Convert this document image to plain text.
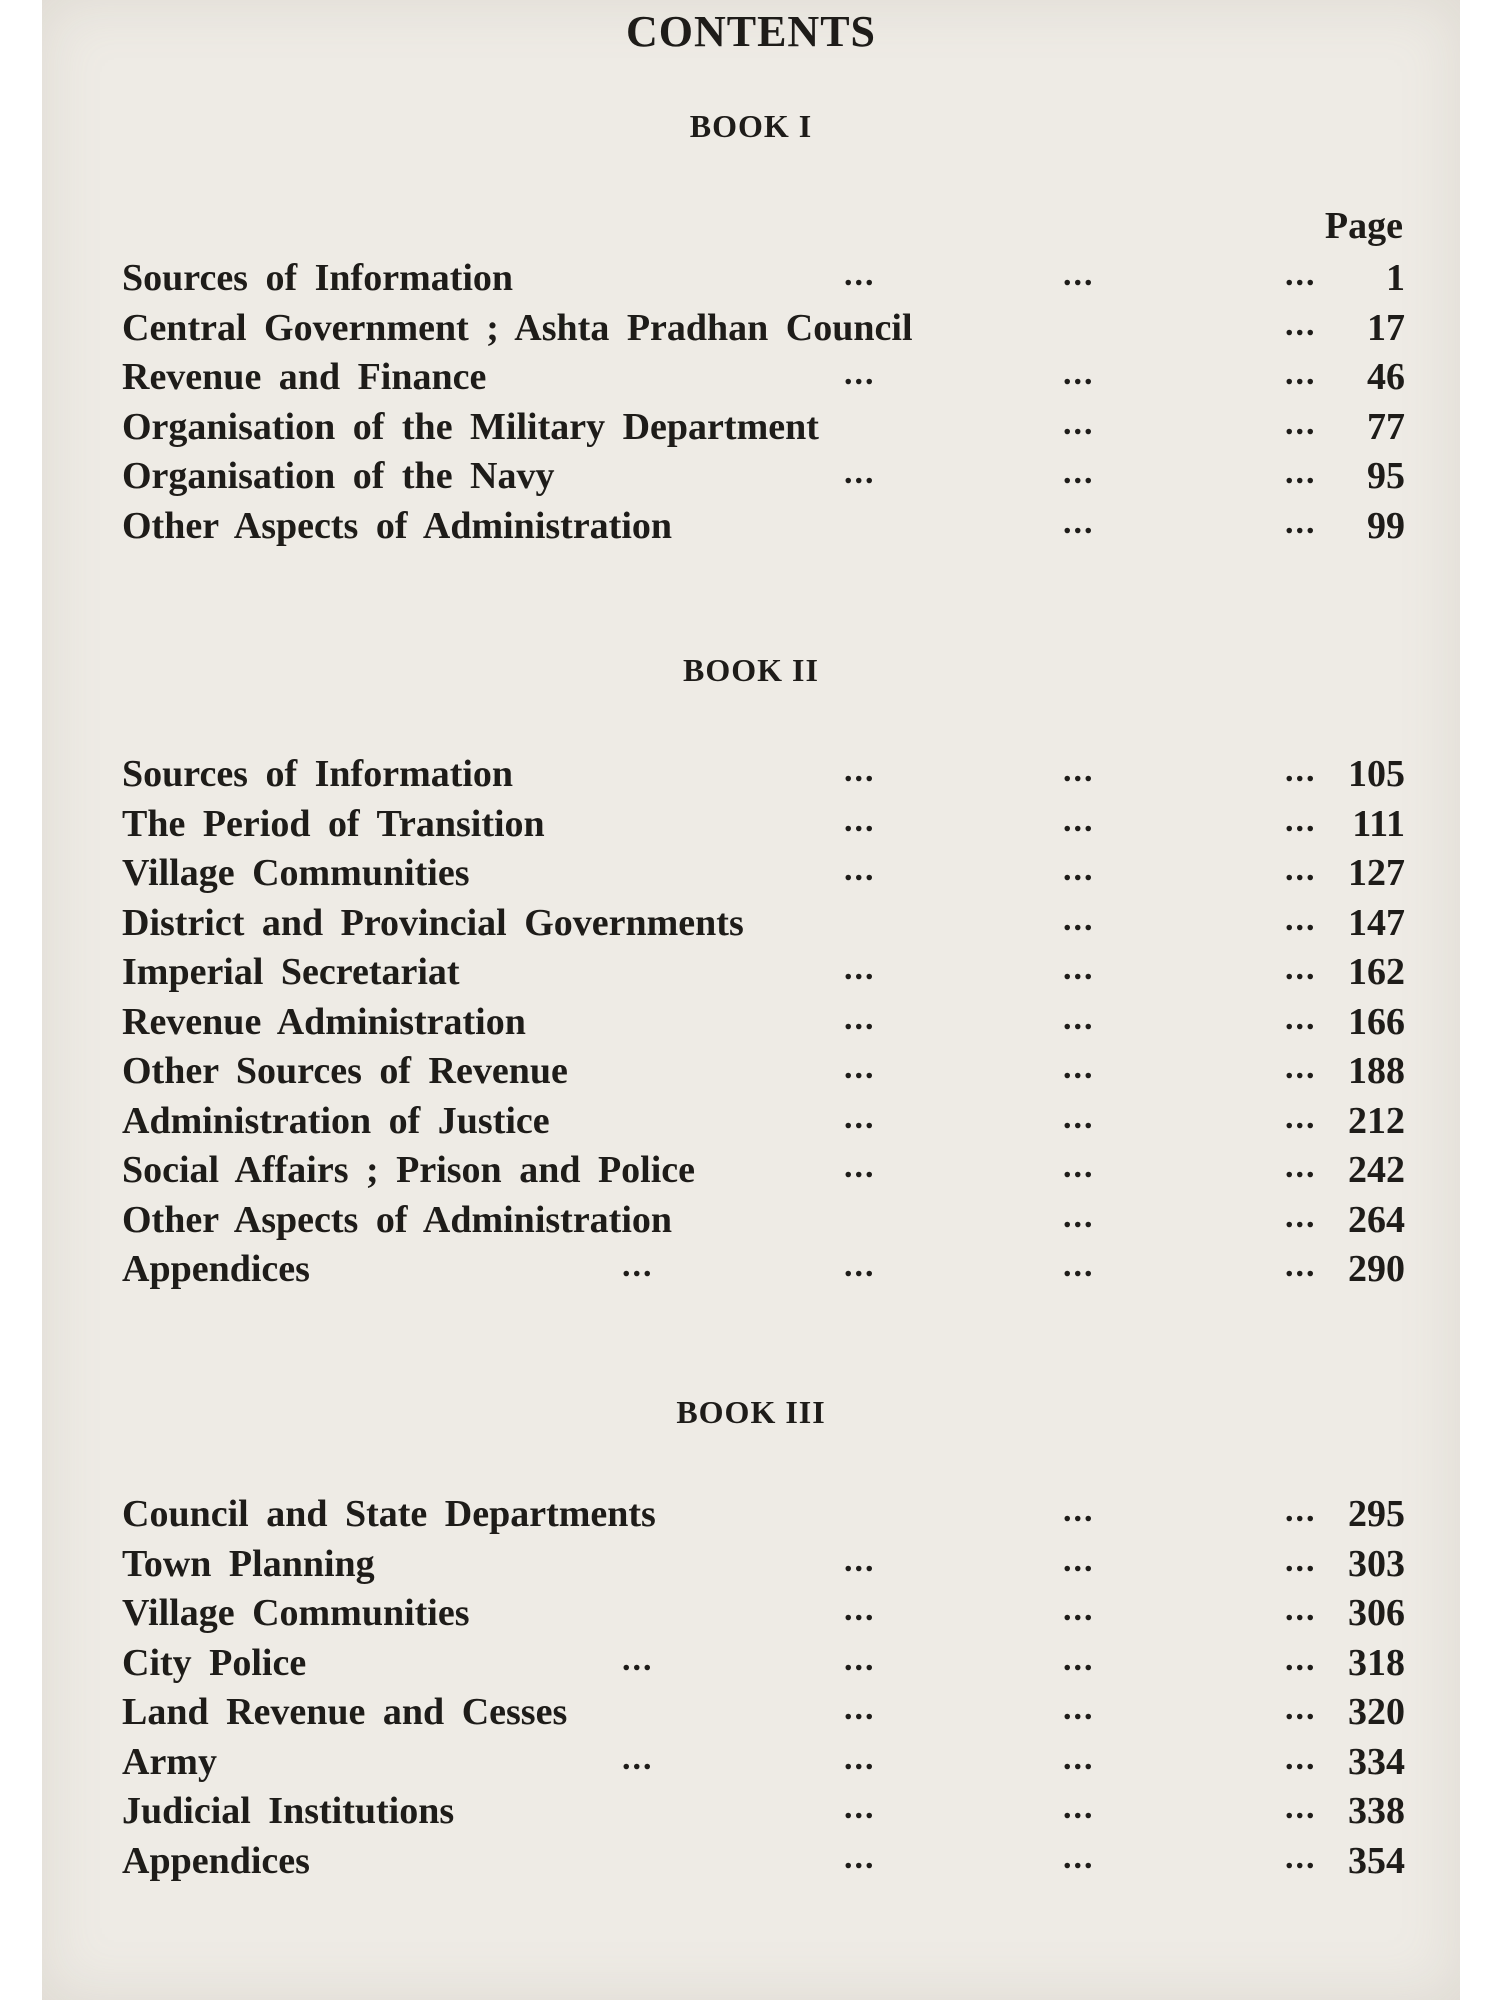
CONTENTS
BOOK I
Page
Sources of Information	...	...	... 1
Central Government ; Ashta Pradhan Council	... 17
Revenue and Finance	...	...	... 46
Organisation of the Military Department	...	... 77
Organisation of the Navy	...	...	... 95
Other Aspects of Administration	...	... 99
BOOK II
Sources of Information	...	...	... 105
The Period of Transition	...	...	... 111
Village Communities	...	...	... 127
District and Provincial Governments	...	... 147
Imperial Secretariat	...	...	... 162
Revenue Administration	...	...	... 166
Other Sources of Revenue	...	...	... 188
Administration of Justice	...	...	... 212
Social Affairs ; Prison and Police	...	...	... 242
Other Aspects of Administration	...	... 264
Appendices	...	...	...	... 290
BOOK III
Council and State Departments	...	... 295
Town Planning	...	...	... 303
Village Communities	...	...	... 306
City Police	...	...	...	... 318
Land Revenue and Cesses	...	...	... 320
Army	...	...	...	... 334
Judicial Institutions	...	...	... 338
Appendices	...	...	... 354
